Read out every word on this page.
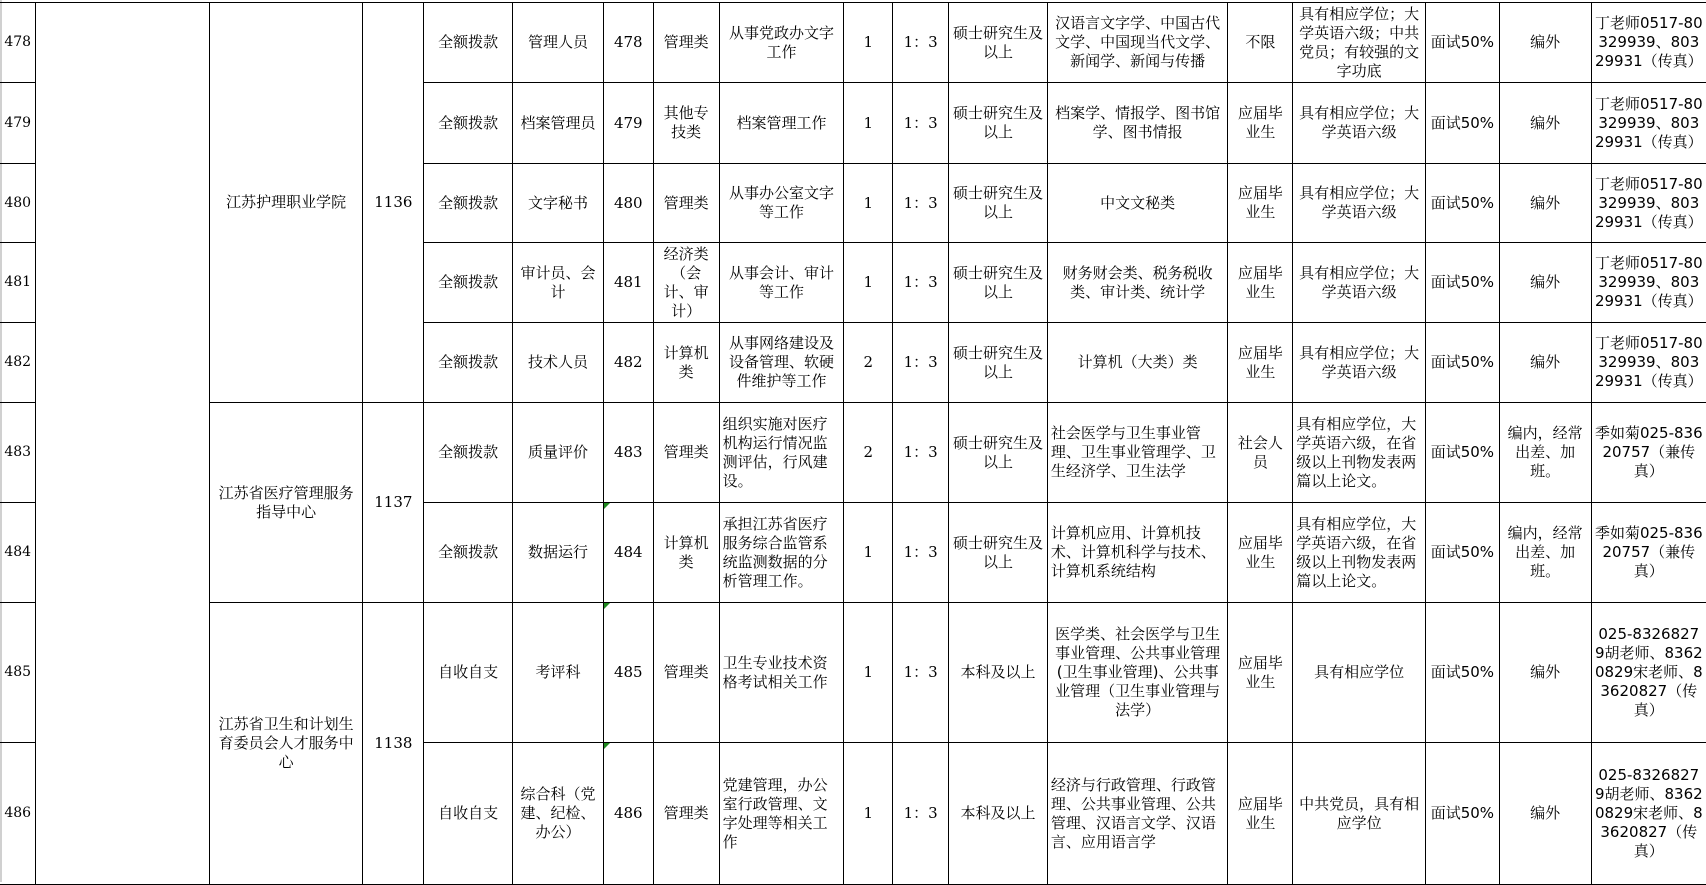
478		江苏护理职业学院	1136	全额拨款	管理人员	478	管理类	从事党政办文字工作	1	1：3	硕士研究生及以上	汉语言文字学、中国古代文学、中国现当代文学、新闻学、新闻与传播	不限	具有相应学位；大学英语六级；中共党员；有较强的文字功底	面试50%	编外	丁老师0517-80329939、80329931（传真）
479				全额拨款	档案管理员	479	其他专技类	档案管理工作	1	1：3	硕士研究生及以上	档案学、情报学、图书馆学、图书情报	应届毕业生	具有相应学位；大学英语六级	面试50%	编外	丁老师0517-80329939、80329931（传真）
480				全额拨款	文字秘书	480	管理类	从事办公室文字等工作	1	1：3	硕士研究生及以上	中文文秘类	应届毕业生	具有相应学位；大学英语六级	面试50%	编外	丁老师0517-80329939、80329931（传真）
481				全额拨款	审计员、会计	481	经济类（会计、审计）	从事会计、审计等工作	1	1：3	硕士研究生及以上	财务财会类、税务税收类、审计类、统计学	应届毕业生	具有相应学位；大学英语六级	面试50%	编外	丁老师0517-80329939、80329931（传真）
482				全额拨款	技术人员	482	计算机类	从事网络建设及设备管理、软硬件维护等工作	2	1：3	硕士研究生及以上	计算机（大类）类	应届毕业生	具有相应学位；大学英语六级	面试50%	编外	丁老师0517-80329939、80329931（传真）
483		江苏省医疗管理服务指导中心	1137	全额拨款	质量评价	483	管理类	组织实施对医疗机构运行情况监测评估，行风建设。	2	1：3	硕士研究生及以上	社会医学与卫生事业管理、卫生事业管理学、卫生经济学、卫生法学	社会人员	具有相应学位，大学英语六级，在省级以上刊物发表两篇以上论文。	面试50%	编内，经常出差、加班。	季如菊025-83620757（兼传真）
484				全额拨款	数据运行	484	计算机类	承担江苏省医疗服务综合监管系统监测数据的分析管理工作。	1	1：3	硕士研究生及以上	计算机应用、计算机技术、计算机科学与技术、计算机系统结构	应届毕业生	具有相应学位，大学英语六级，在省级以上刊物发表两篇以上论文。	面试50%	编内，经常出差、加班。	季如菊025-83620757（兼传真）
485		江苏省卫生和计划生育委员会人才服务中心	1138	自收自支	考评科	485	管理类	卫生专业技术资格考试相关工作	1	1：3	本科及以上	医学类、社会医学与卫生事业管理、公共事业管理(卫生事业管理)、公共事业管理（卫生事业管理与法学）	应届毕业生	具有相应学位	面试50%	编外	025-83268279胡老师、83620829宋老师、83620827（传真）
486				自收自支	综合科（党建、纪检、办公）	486	管理类	党建管理，办公室行政管理、文字处理等相关工作	1	1：3	本科及以上	经济与行政管理、行政管理、公共事业管理、公共管理、汉语言文学、汉语言、应用语言学	应届毕业生	中共党员，具有相应学位	面试50%	编外	025-83268279胡老师、83620829宋老师、83620827（传真）
